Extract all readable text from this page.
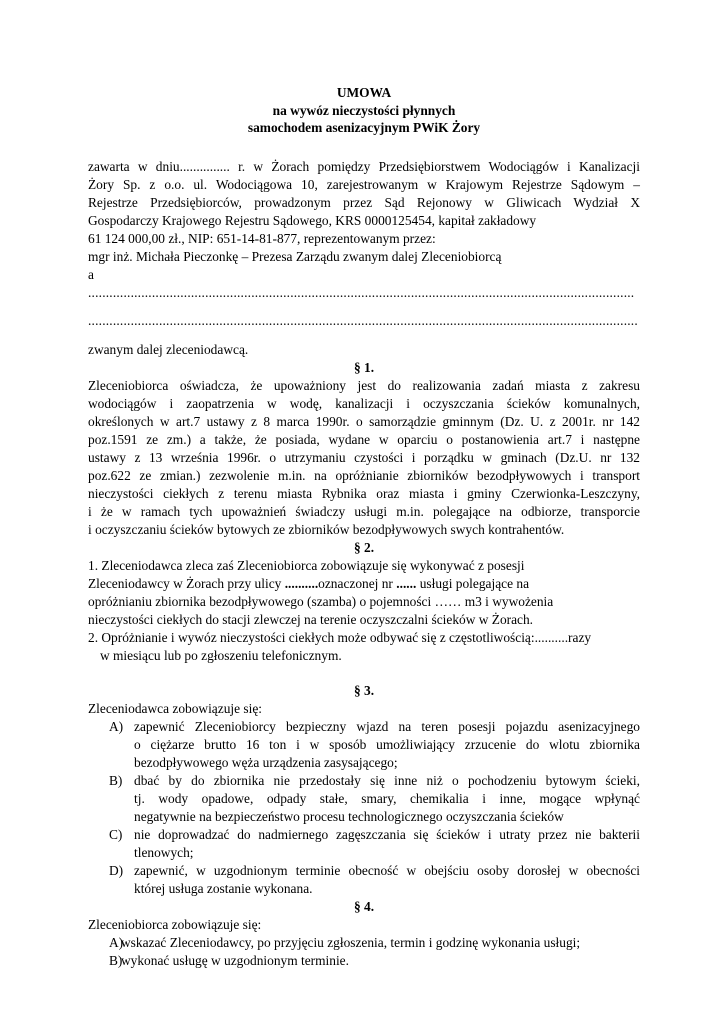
UMOWA
na wywóz nieczystości płynnych
samochodem asenizacyjnym PWiK Żory
zawarta w dniu............... r. w Żorach pomiędzy Przedsiębiorstwem Wodociągów i Kanalizacji
Żory Sp. z o.o. ul. Wodociągowa 10, zarejestrowanym w Krajowym Rejestrze Sądowym –
Rejestrze Przedsiębiorców, prowadzonym przez Sąd Rejonowy w Gliwicach Wydział X
Gospodarczy Krajowego Rejestru Sądowego, KRS 0000125454, kapitał zakładowy
61 124 000,00 zł., NIP: 651-14-81-877, reprezentowanym przez:
mgr inż. Michała Pieczonkę – Prezesa Zarządu zwanym dalej Zleceniobiorcą
a
..........................................................................................................................................................
...........................................................................................................................................................
zwanym dalej zleceniodawcą.
§ 1.
Zleceniobiorca oświadcza, że upoważniony jest do realizowania zadań miasta z zakresu
wodociągów i zaopatrzenia w wodę, kanalizacji i oczyszczania ścieków komunalnych,
określonych w art.7 ustawy z 8 marca 1990r. o samorządzie gminnym (Dz. U. z 2001r. nr 142
poz.1591 ze zm.) a także, że posiada, wydane w oparciu o postanowienia art.7 i następne
ustawy z 13 września 1996r. o utrzymaniu czystości i porządku w gminach (Dz.U. nr 132
poz.622 ze zmian.) zezwolenie m.in. na opróżnianie zbiorników bezodpływowych i transport
nieczystości ciekłych z terenu miasta Rybnika oraz miasta i gminy Czerwionka-Leszczyny,
i że w ramach tych upoważnień świadczy usługi m.in. polegające na odbiorze, transporcie
i oczyszczaniu ścieków bytowych ze zbiorników bezodpływowych swych kontrahentów.
§ 2.
1. Zleceniodawca zleca zaś Zleceniobiorca zobowiązuje się wykonywać z posesji
Zleceniodawcy w Żorach przy ulicy ..........oznaczonej nr ...... usługi polegające na
opróżnianiu zbiornika bezodpływowego (szamba) o pojemności …… m3 i wywożenia
nieczystości ciekłych do stacji zlewczej na terenie oczyszczalni ścieków w Żorach.
2. Opróżnianie i wywóz nieczystości ciekłych może odbywać się z częstotliwością:..........razy
w miesiącu lub po zgłoszeniu telefonicznym.
§ 3.
Zleceniodawca zobowiązuje się:
A) zapewnić Zleceniobiorcy bezpieczny wjazd na teren posesji pojazdu asenizacyjnego
o ciężarze brutto 16 ton i w sposób umożliwiający zrzucenie do wlotu zbiornika
bezodpływowego węża urządzenia zasysającego;
B) dbać by do zbiornika nie przedostały się inne niż o pochodzeniu bytowym ścieki,
tj. wody opadowe, odpady stałe, smary, chemikalia i inne, mogące wpłynąć
negatywnie na bezpieczeństwo procesu technologicznego oczyszczania ścieków
C) nie doprowadzać do nadmiernego zagęszczania się ścieków i utraty przez nie bakterii
tlenowych;
D) zapewnić, w uzgodnionym terminie obecność w obejściu osoby dorosłej w obecności
której usługa zostanie wykonana.
§ 4.
Zleceniobiorca zobowiązuje się:
A)
wskazać Zleceniodawcy, po przyjęciu zgłoszenia, termin i godzinę wykonania usługi;
B)
wykonać usługę w uzgodnionym terminie.
